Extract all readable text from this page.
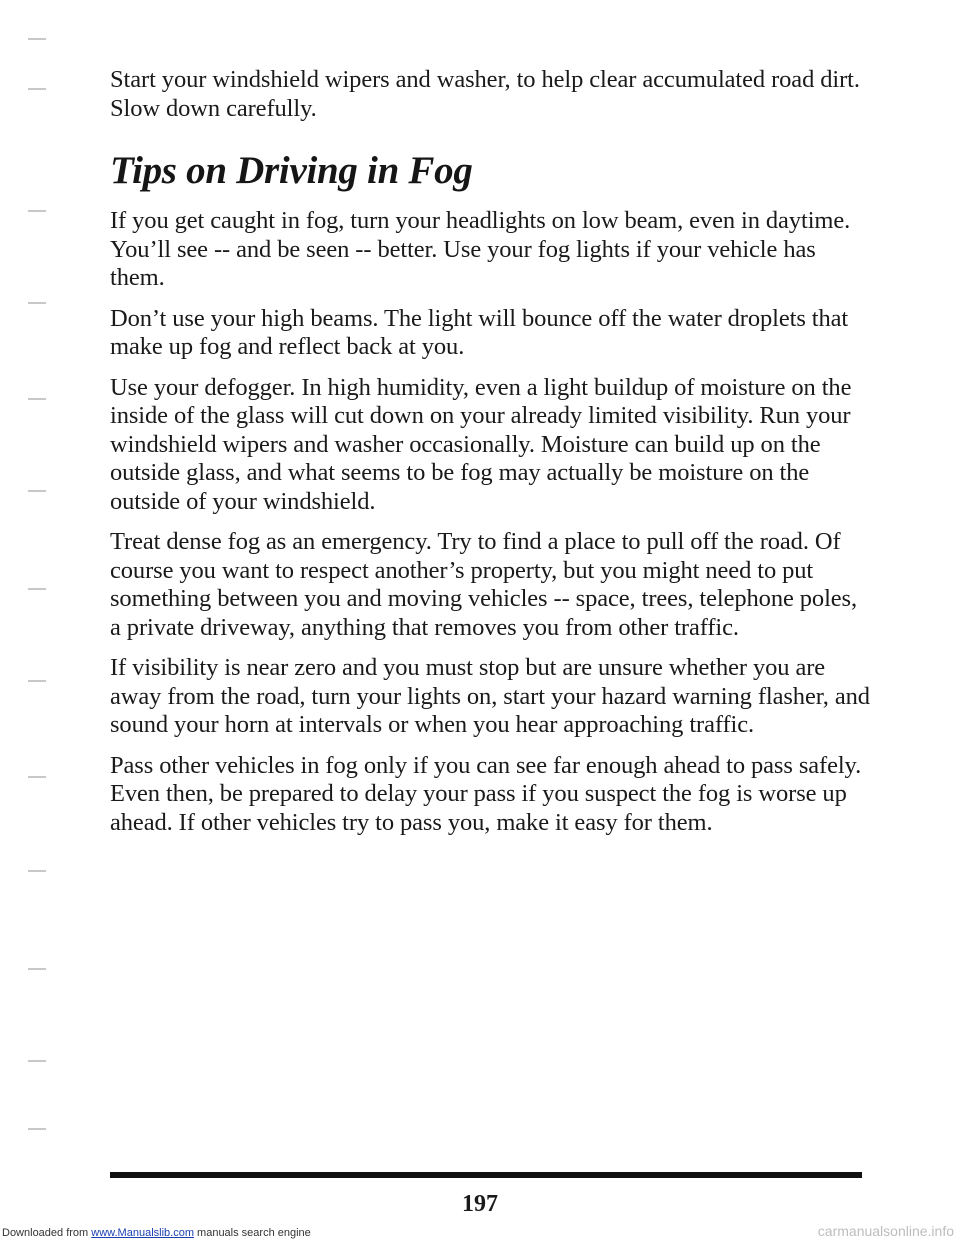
Start your windshield wipers and washer, to help clear accumulated road dirt. Slow down carefully.

Tips on Driving in Fog

If you get caught in fog, turn your headlights on low beam, even in daytime. You’ll see -- and be seen -- better. Use your fog lights if your vehicle has them.

Don’t use your high beams. The light will bounce off the water droplets that make up fog and reflect back at you.

Use your defogger. In high humidity, even a light buildup of moisture on the inside of the glass will cut down on your already limited visibility. Run your windshield wipers and washer occasionally. Moisture can build up on the outside glass, and what seems to be fog may actually be moisture on the outside of your windshield.

Treat dense fog as an emergency. Try to find a place to pull off the road. Of course you want to respect another’s property, but you might need to put something between you and moving vehicles -- space, trees, telephone poles, a private driveway, anything that removes you from other traffic.

If visibility is near zero and you must stop but are unsure whether you are away from the road, turn your lights on, start your hazard warning flasher, and sound your horn at intervals or when you hear approaching traffic.

Pass other vehicles in fog only if you can see far enough ahead to pass safely. Even then, be prepared to delay your pass if you suspect the fog is worse up ahead. If other vehicles try to pass you, make it easy for them.

197
Downloaded from www.Manualslib.com manuals search engine	carmanualsonline.info
